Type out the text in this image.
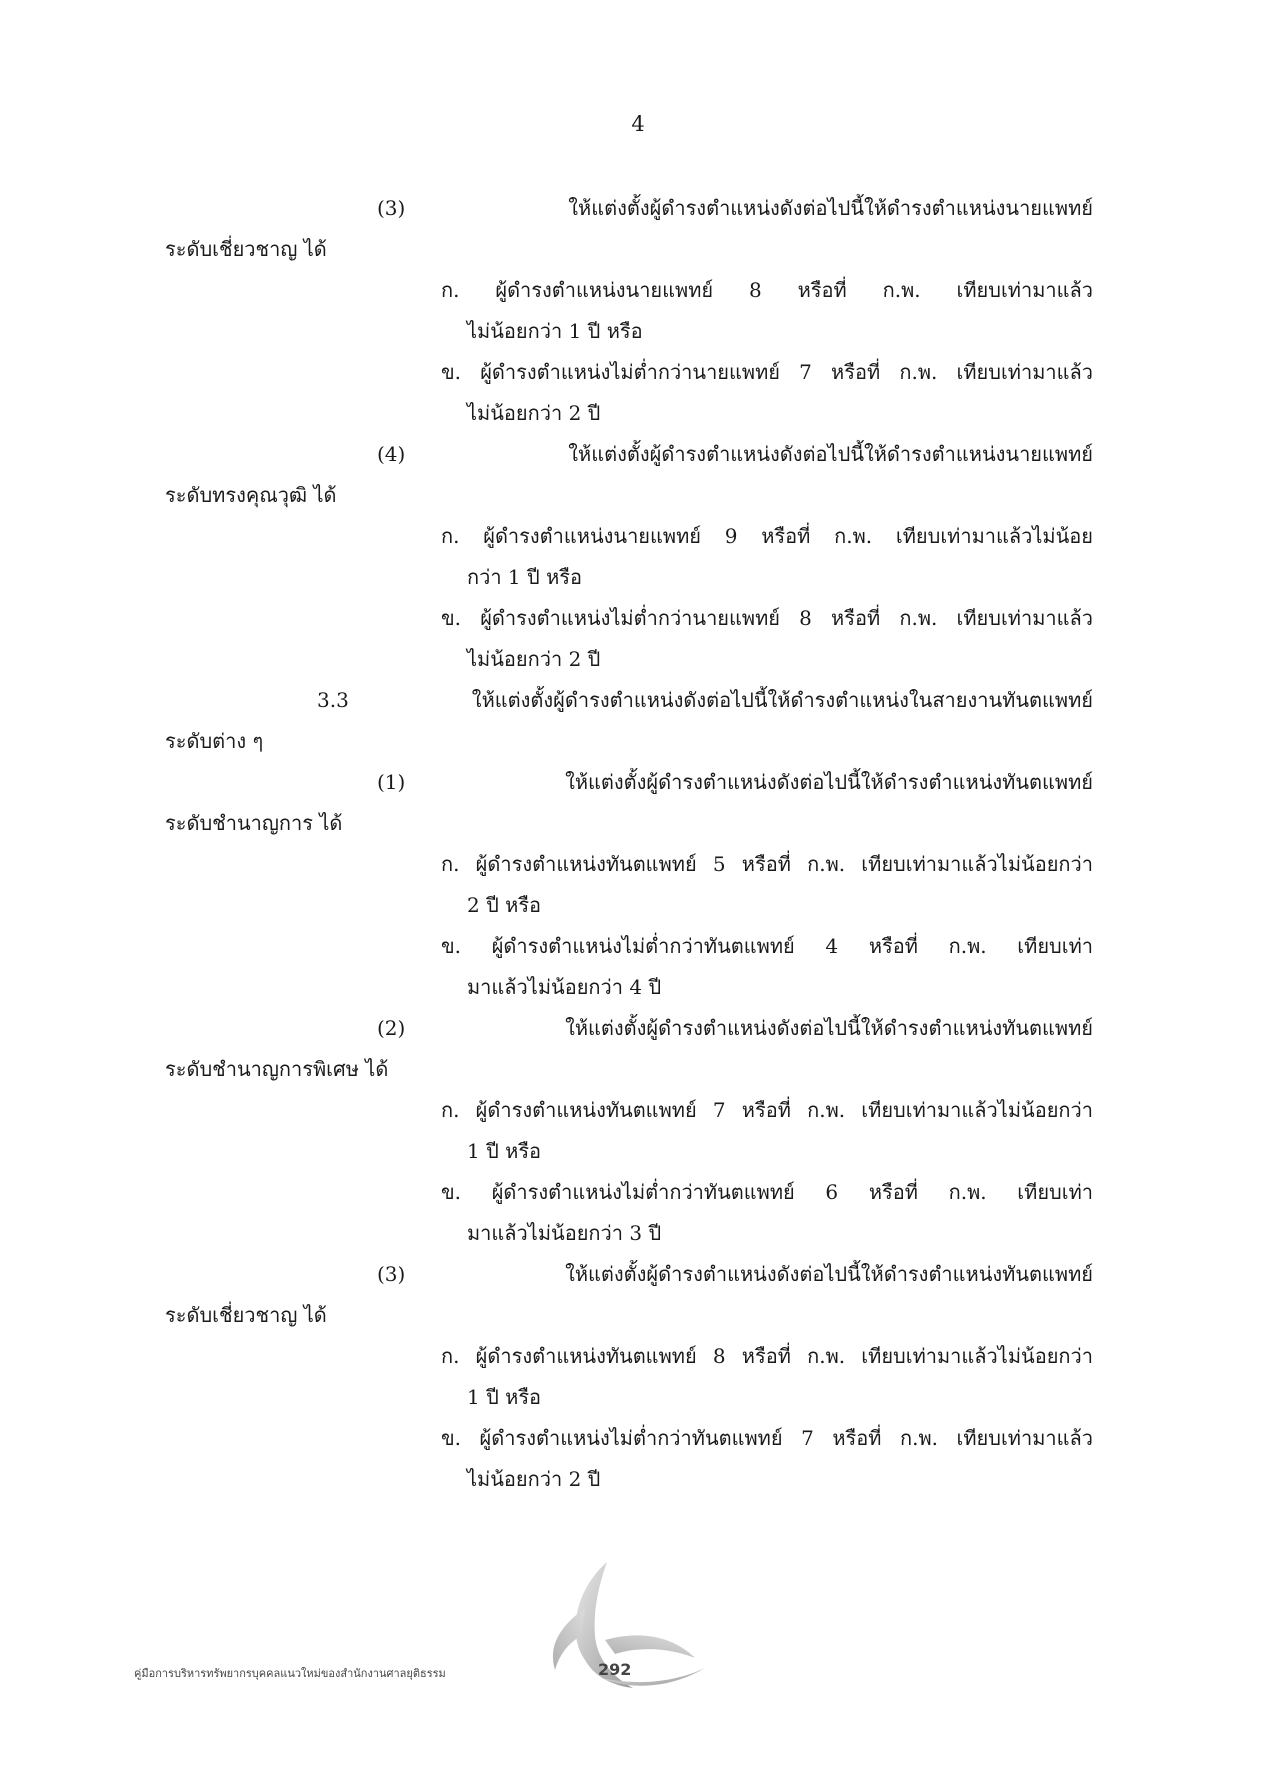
4
(3) ให้แต่งตั้งผู้ดำรงตำแหน่งดังต่อไปนี้ให้ดำรงตำแหน่งนายแพทย์
ระดับเชี่ยวชาญ ได้
ก. ผู้ดำรงตำแหน่งนายแพทย์ 8 หรือที่ ก.พ. เทียบเท่ามาแล้ว
ไม่น้อยกว่า 1 ปี หรือ
ข. ผู้ดำรงตำแหน่งไม่ต่ำกว่านายแพทย์ 7 หรือที่ ก.พ. เทียบเท่ามาแล้ว
ไม่น้อยกว่า 2 ปี
(4) ให้แต่งตั้งผู้ดำรงตำแหน่งดังต่อไปนี้ให้ดำรงตำแหน่งนายแพทย์
ระดับทรงคุณวุฒิ ได้
ก. ผู้ดำรงตำแหน่งนายแพทย์ 9 หรือที่ ก.พ. เทียบเท่ามาแล้วไม่น้อย
กว่า 1 ปี หรือ
ข. ผู้ดำรงตำแหน่งไม่ต่ำกว่านายแพทย์ 8 หรือที่ ก.พ. เทียบเท่ามาแล้ว
ไม่น้อยกว่า 2 ปี
3.3 ให้แต่งตั้งผู้ดำรงตำแหน่งดังต่อไปนี้ให้ดำรงตำแหน่งในสายงานทันตแพทย์
ระดับต่าง ๆ
(1) ให้แต่งตั้งผู้ดำรงตำแหน่งดังต่อไปนี้ให้ดำรงตำแหน่งทันตแพทย์
ระดับชำนาญการ ได้
ก. ผู้ดำรงตำแหน่งทันตแพทย์ 5 หรือที่ ก.พ. เทียบเท่ามาแล้วไม่น้อยกว่า
2 ปี หรือ
ข. ผู้ดำรงตำแหน่งไม่ต่ำกว่าทันตแพทย์ 4 หรือที่ ก.พ. เทียบเท่า
มาแล้วไม่น้อยกว่า 4 ปี
(2) ให้แต่งตั้งผู้ดำรงตำแหน่งดังต่อไปนี้ให้ดำรงตำแหน่งทันตแพทย์
ระดับชำนาญการพิเศษ ได้
ก. ผู้ดำรงตำแหน่งทันตแพทย์ 7 หรือที่ ก.พ. เทียบเท่ามาแล้วไม่น้อยกว่า
1 ปี หรือ
ข. ผู้ดำรงตำแหน่งไม่ต่ำกว่าทันตแพทย์ 6 หรือที่ ก.พ. เทียบเท่า
มาแล้วไม่น้อยกว่า 3 ปี
(3) ให้แต่งตั้งผู้ดำรงตำแหน่งดังต่อไปนี้ให้ดำรงตำแหน่งทันตแพทย์
ระดับเชี่ยวชาญ ได้
ก. ผู้ดำรงตำแหน่งทันตแพทย์ 8 หรือที่ ก.พ. เทียบเท่ามาแล้วไม่น้อยกว่า
1 ปี หรือ
ข. ผู้ดำรงตำแหน่งไม่ต่ำกว่าทันตแพทย์ 7 หรือที่ ก.พ. เทียบเท่ามาแล้ว
ไม่น้อยกว่า 2 ปี
คู่มือการบริหารทรัพยากรบุคคลแนวใหม่ของสำนักงานศาลยุติธรรม	292
